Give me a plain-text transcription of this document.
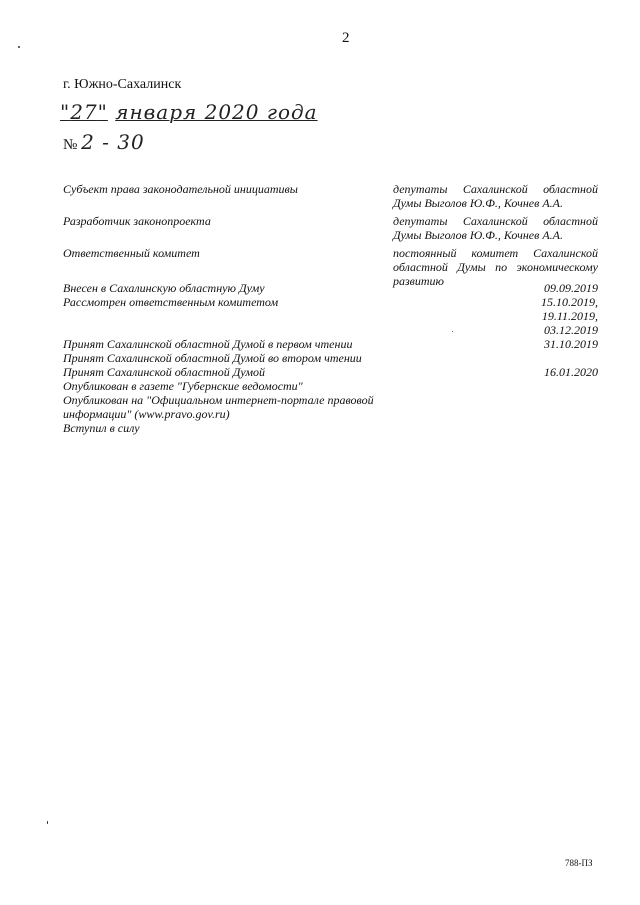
2
г. Южно-Сахалинск
"27" января 2020 года
№ 2 - 30
Субъект права законодательной инициативы	депутаты Сахалинской областной Думы Выголов Ю.Ф., Кочнев А.А.
Разработчик законопроекта	депутаты Сахалинской областной Думы Выголов Ю.Ф., Кочнев А.А.
Ответственный комитет	постоянный комитет Сахалинской областной Думы по экономическому развитию
Внесен в Сахалинскую областную Думу	09.09.2019
Рассмотрен ответственным комитетом	15.10.2019,
19.11.2019,
03.12.2019
Принят Сахалинской областной Думой в первом чтении	31.10.2019
Принят Сахалинской областной Думой во втором чтении
Принят Сахалинской областной Думой	16.01.2020
Опубликован в газете "Губернские ведомости"
Опубликован на "Официальном интернет-портале правовой информации" (www.pravo.gov.ru)
Вступил в силу
788-ПЗ
